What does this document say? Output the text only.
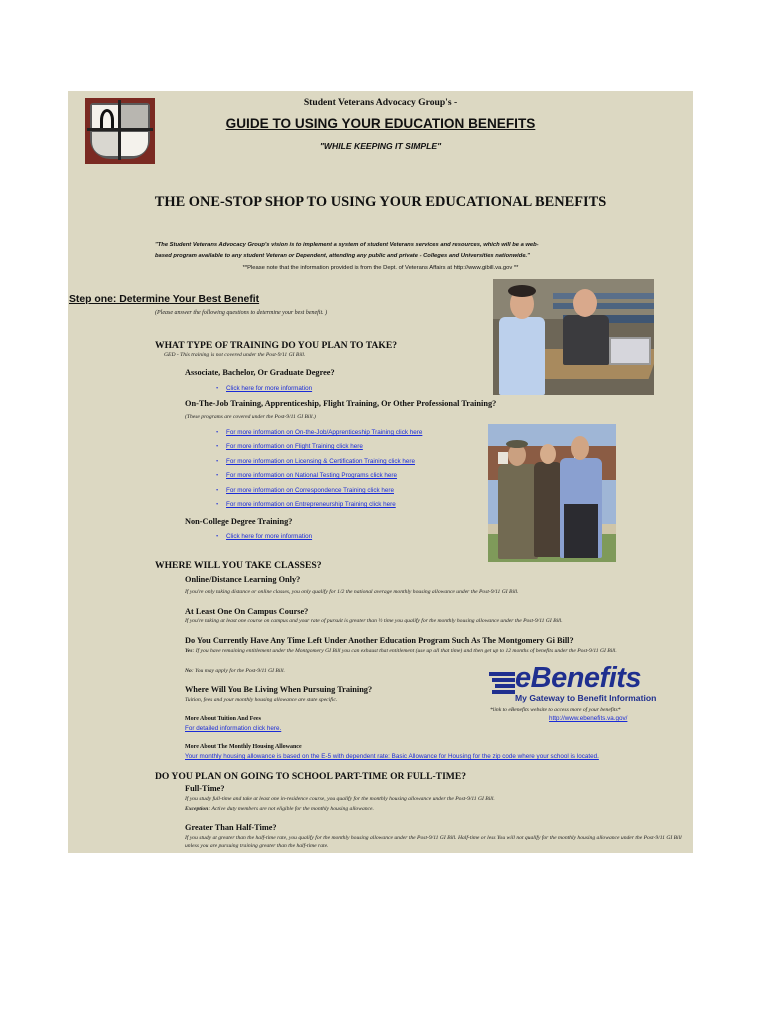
Student Veterans Advocacy Group's -

GUIDE TO USING YOUR EDUCATION BENEFITS

"WHILE KEEPING IT SIMPLE"

THE ONE-STOP SHOP TO USING YOUR EDUCATIONAL BENEFITS

"The Student Veterans Advocacy Group's vision is to implement a system of student Veterans services and resources, which will be a web-

based program available to any student Veteran or Dependent, attending any public and private - Colleges and Universities nationwide."

**Please note that the information provided is from the Dept. of Veterans Affairs at http://www.gibill.va.gov **

Step one: Determine Your Best Benefit

(Please answer the following questions to determine your best benefit. )

WHAT TYPE OF TRAINING DO YOU PLAN TO TAKE?

GED - This training is not covered under the Post-9/11 GI Bill.

Associate, Bachelor, Or Graduate Degree?

• Click here for more information

On-The-Job Training, Apprenticeship, Flight Training, Or Other Professional Training?

(These programs are covered under the Post-9/11 GI Bill.)

• For more information on On-the-Job/Apprenticeship Training click here

• For more information on Flight Training click here

• For more information on Licensing & Certification Training click here

• For more information on National Testing Programs click here

• For more information on Correspondence Training click here

• For more information on Entrepreneurship Training click here

Non-College Degree Training?

• Click here for more information

WHERE WILL YOU TAKE CLASSES?

Online/Distance Learning Only?

If you're only taking distance or online classes, you only qualify for 1/2 the national average monthly housing allowance under the Post-9/11 GI Bill.

At Least One On Campus Course?

If you're taking at least one course on campus and your rate of pursuit is greater than ½ time you qualify for the monthly housing allowance under the Post-9/11 GI Bill.

Do You Currently Have Any Time Left Under Another Education Program Such As The Montgomery Gi Bill?

Yes: If you have remaining entitlement under the Montgomery GI Bill you can exhaust that entitlement (use up all that time) and then get up to 12 months of benefits under the Post-9/11 GI Bill.

No: You may apply for the Post-9/11 GI Bill.

Where Will You Be Living When Pursuing Training?

Tuition, fees and your monthly housing allowance are state specific.

eBenefits
My Gateway to Benefit Information

*link to eBenefits website to access more of your benefits*

http://www.ebenefits.va.gov/

More About Tuition And Fees

For detailed information click here.

More About The Monthly Housing Allowance

Your monthly housing allowance is based on the E-5 with dependent rate: Basic Allowance for Housing for the zip code where your school is located.

DO YOU PLAN ON GOING TO SCHOOL PART-TIME OR FULL-TIME?

Full-Time?

If you study full-time and take at least one in-residence course, you qualify for the monthly housing allowance under the Post-9/11 GI Bill.

Exception: Active duty members are not eligible for the monthly housing allowance.

Greater Than Half-Time?

If you study at greater than the half-time rate, you qualify for the monthly housing allowance under the Post-9/11 GI Bill. Half-time or less You will not qualify for the monthly housing allowance under the Post-9/11 GI Bill unless you are pursuing training greater than the half-time rate.
